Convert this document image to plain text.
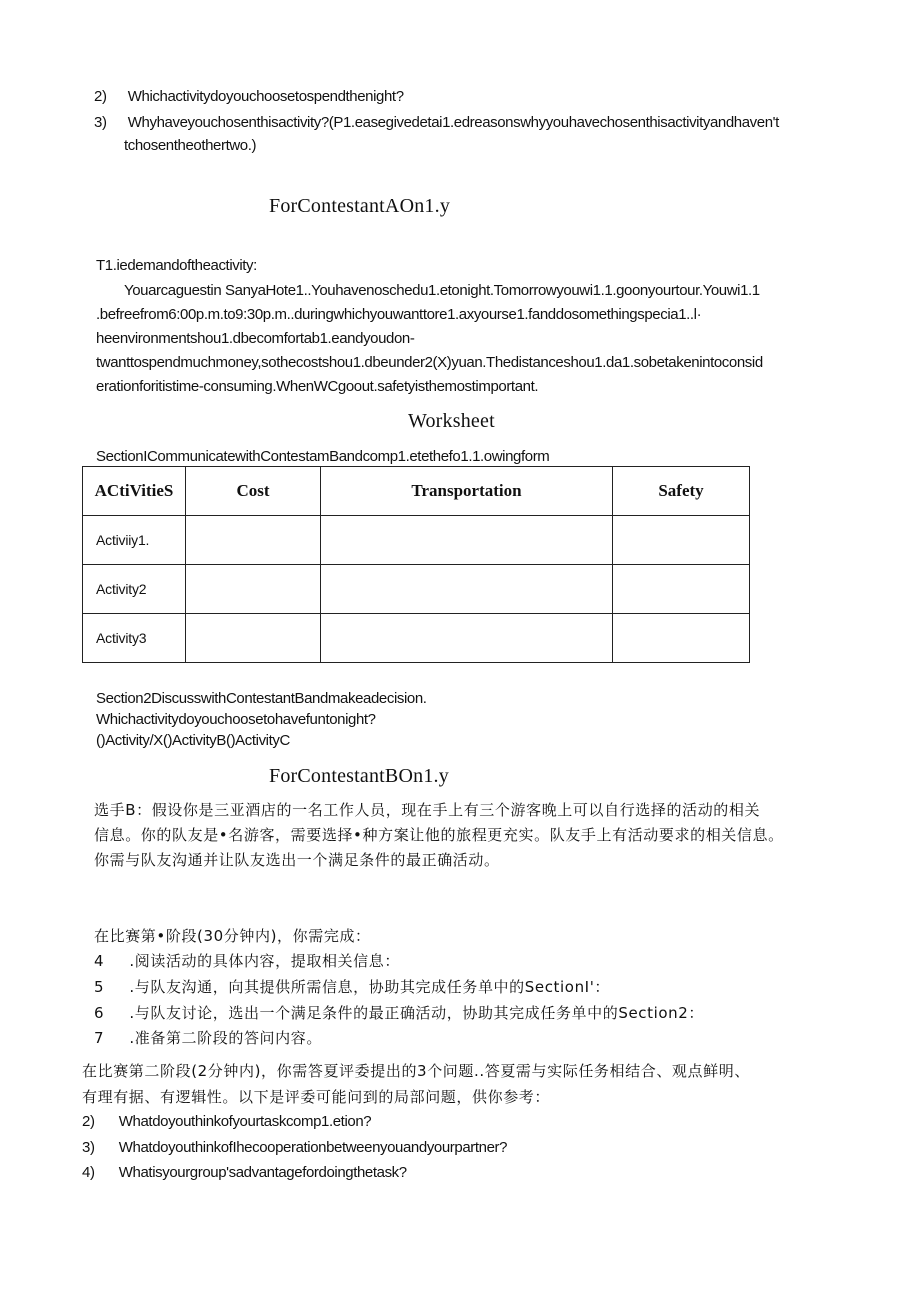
2) Whichactivitydoyouchoosetospendthenight?
3) Whyhaveyouchosenthisactivity?(P1.easegivedetai1.edreasonswhyyouhavechosenthisactivityandhaven't
tchosentheothertwo.)
ForContestantAOn1.y
T1.iedemandoftheactivity:
Youarcaguestin SanyaHote1..Youhavenoschedu1.etonight.Tomorrowyouwi1.1.goonyourtour.Youwi1.1
.befreefrom6:00p.m.to9:30p.m..duringwhichyouwanttore1.axyourse1.fanddosomethingspecia1..l·
heenvironmentshou1.dbecomfortab1.eandyoudon-
twanttospendmuchmoney,sothecostshou1.dbeunder2(X)yuan.Thedistanceshou1.da1.sobetakenintoconsid
erationforitistime-consuming.WhenWCgoout.safetyisthemostimportant.
Worksheet
SectionICommunicatewithContestamBandcomp1.etethefo1.1.owingform
ACtiVitieS	Cost	Transportation	Safety
Activiiy1.			
Activity2			
Activity3			
Section2DiscusswithContestantBandmakeadecision.
Whichactivitydoyouchoosetohavefuntonight?
()Activity/X()ActivityB()ActivityC
ForContestantBOn1.y
选手B：假设你是三亚酒店的一名工作人员，现在手上有三个游客晚上可以自行选择的活动的相关
信息。你的队友是•名游客，需要选择•种方案让他的旅程更充实。队友手上有活动要求的相关信息。
你需与队友沟通并让队友选出一个满足条件的最正确活动。
在比赛第•阶段(30分钟内)，你需完成：
4 .阅读活动的具体内容，提取相关信息：
5 .与队友沟通，向其提供所需信息，协助其完成任务单中的SectionI'：
6 .与队友讨论，选出一个满足条件的最正确活动，协助其完成任务单中的Section2：
7 .准备第二阶段的答问内容。
在比赛第二阶段(2分钟内)，你需答夏评委提出的3个问题..答夏需与实际任务相结合、观点鲜明、
有理有据、有逻辑性。以下是评委可能问到的局部问题，供你参考：
2) Whatdoyouthinkofyourtaskcomp1.etion?
3) WhatdoyouthinkofIhecooperationbetweenyouandyourpartner?
4) Whatisyourgroup'sadvantagefordoingthetask?
